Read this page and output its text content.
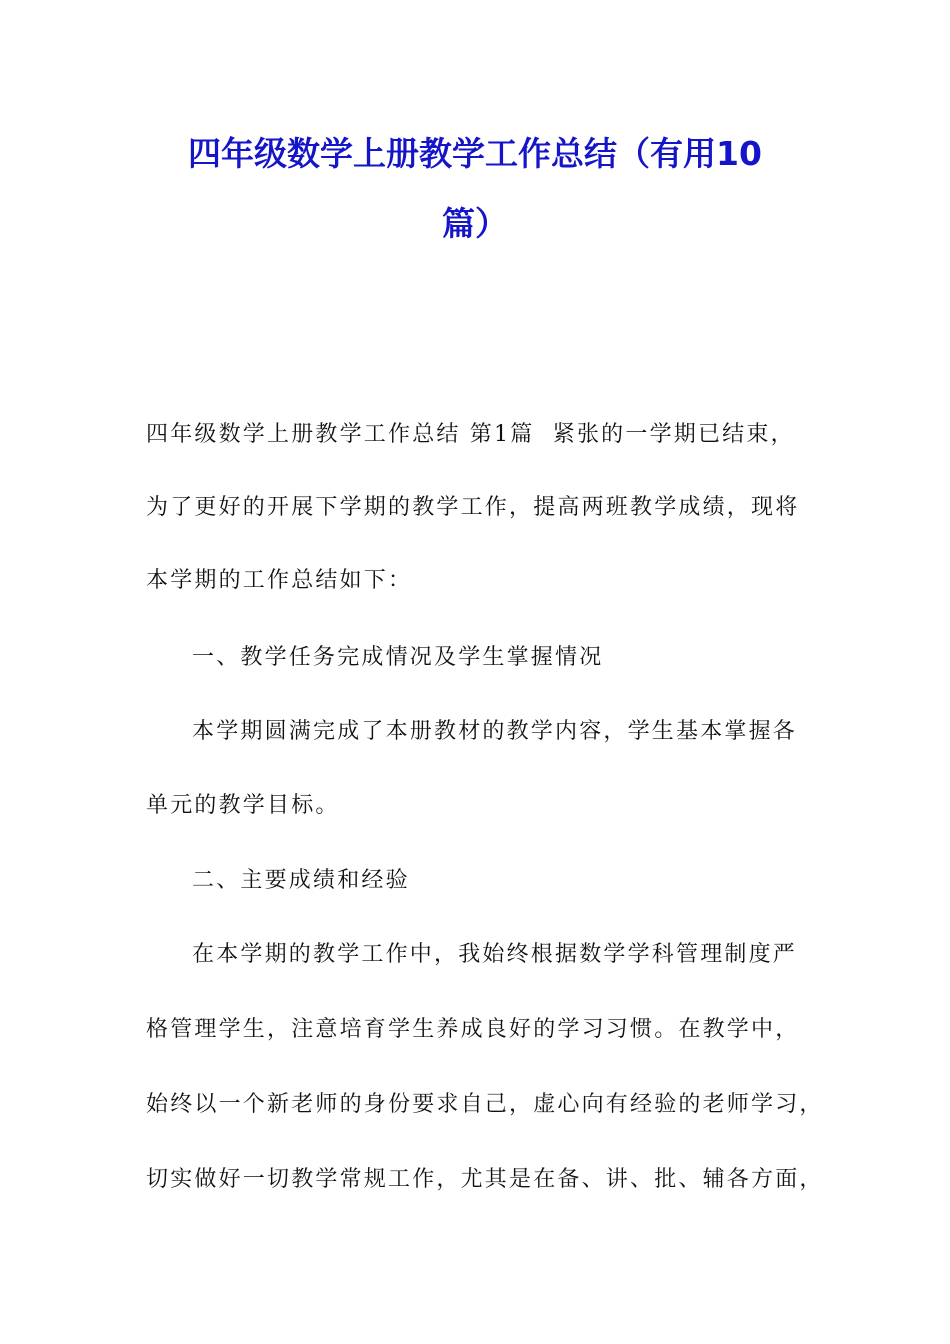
四年级数学上册教学工作总结（有用10
篇）

四年级数学上册教学工作总结 第1篇  紧张的一学期已结束，

为了更好的开展下学期的教学工作，提高两班教学成绩，现将

本学期的工作总结如下：

一、教学任务完成情况及学生掌握情况

本学期圆满完成了本册教材的教学内容，学生基本掌握各

单元的教学目标。

二、主要成绩和经验

在本学期的教学工作中，我始终根据数学学科管理制度严

格管理学生，注意培育学生养成良好的学习习惯。在教学中，

始终以一个新老师的身份要求自己，虚心向有经验的老师学习，

切实做好一切教学常规工作，尤其是在备、讲、批、辅各方面，
